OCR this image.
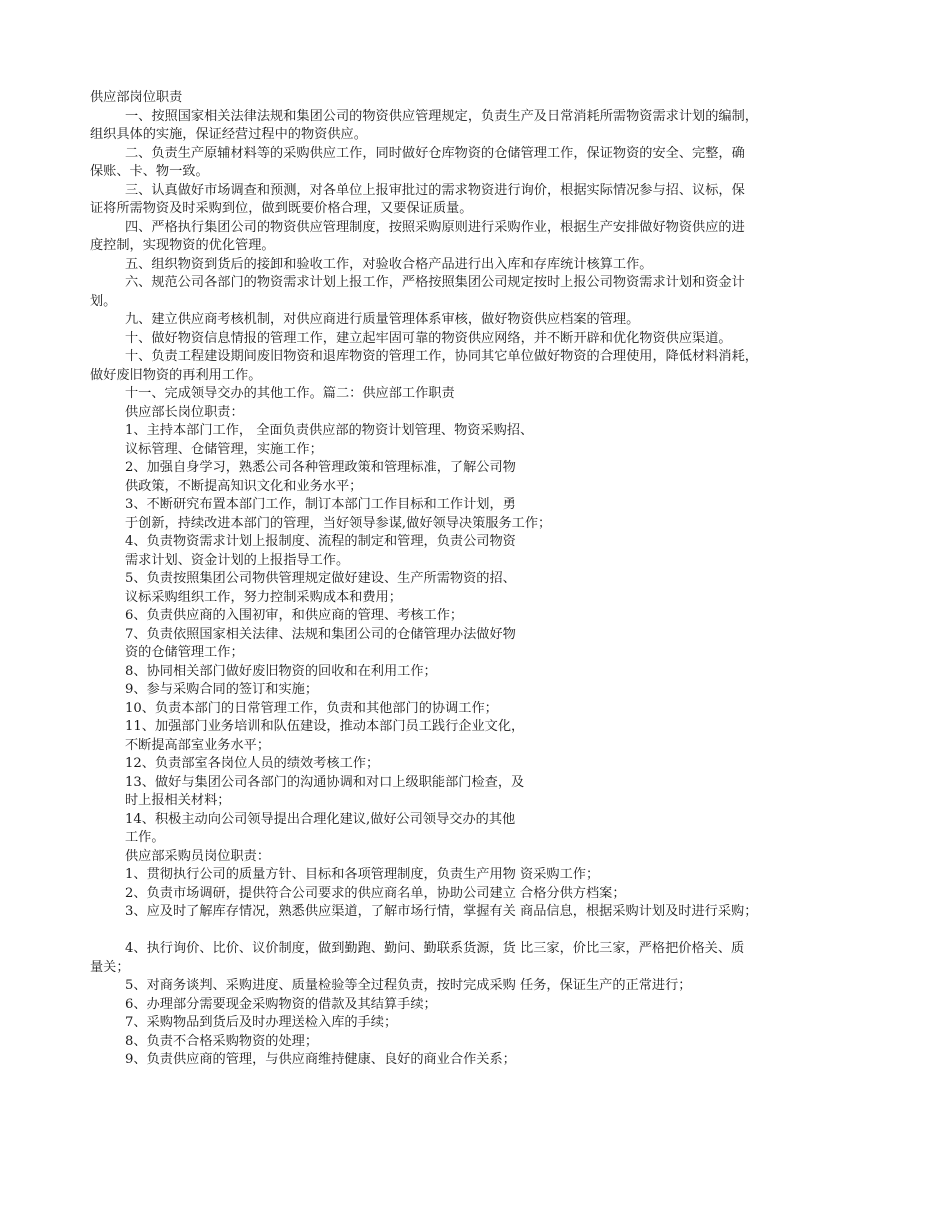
供应部岗位职责
一、按照国家相关法律法规和集团公司的物资供应管理规定，负责生产及日常消耗所需物资需求计划的编制，
组织具体的实施，保证经营过程中的物资供应。
二、负责生产原辅材料等的采购供应工作，同时做好仓库物资的仓储管理工作，保证物资的安全、完整，确
保账、卡、物一致。
三、认真做好市场调查和预测，对各单位上报审批过的需求物资进行询价，根据实际情况参与招、议标，保
证将所需物资及时采购到位，做到既要价格合理，又要保证质量。
四、严格执行集团公司的物资供应管理制度，按照采购原则进行采购作业，根据生产安排做好物资供应的进
度控制，实现物资的优化管理。
五、组织物资到货后的接卸和验收工作，对验收合格产品进行出入库和存库统计核算工作。
六、规范公司各部门的物资需求计划上报工作，严格按照集团公司规定按时上报公司物资需求计划和资金计
划。
九、建立供应商考核机制，对供应商进行质量管理体系审核，做好物资供应档案的管理。
十、做好物资信息情报的管理工作，建立起牢固可靠的物资供应网络，并不断开辟和优化物资供应渠道。
十、负责工程建设期间废旧物资和退库物资的管理工作，协同其它单位做好物资的合理使用，降低材料消耗，
做好废旧物资的再利用工作。
十一、完成领导交办的其他工作。篇二：供应部工作职责
供应部长岗位职责：
1、主持本部门工作， 全面负责供应部的物资计划管理、物资采购招、
议标管理、仓储管理，实施工作；
2、加强自身学习，熟悉公司各种管理政策和管理标准，了解公司物
供政策，不断提高知识文化和业务水平；
3、不断研究布置本部门工作，制订本部门工作目标和工作计划，勇
于创新，持续改进本部门的管理，当好领导参谋,做好领导决策服务工作；
4、负责物资需求计划上报制度、流程的制定和管理，负责公司物资
需求计划、资金计划的上报指导工作。
5、负责按照集团公司物供管理规定做好建设、生产所需物资的招、
议标采购组织工作，努力控制采购成本和费用；
6、负责供应商的入围初审，和供应商的管理、考核工作；
7、负责依照国家相关法律、法规和集团公司的仓储管理办法做好物
资的仓储管理工作；
8、协同相关部门做好废旧物资的回收和在利用工作；
9、参与采购合同的签订和实施；
10、负责本部门的日常管理工作，负责和其他部门的协调工作；
11、加强部门业务培训和队伍建设，推动本部门员工践行企业文化，
不断提高部室业务水平；
12、负责部室各岗位人员的绩效考核工作；
13、做好与集团公司各部门的沟通协调和对口上级职能部门检查，及
时上报相关材料；
14、积极主动向公司领导提出合理化建议,做好公司领导交办的其他
工作。
供应部采购员岗位职责：
1、贯彻执行公司的质量方针、目标和各项管理制度，负责生产用物 资采购工作；
2、负责市场调研，提供符合公司要求的供应商名单，协助公司建立 合格分供方档案；
3、应及时了解库存情况，熟悉供应渠道，了解市场行情，掌握有关 商品信息，根据采购计划及时进行采购；
4、执行询价、比价、议价制度，做到勤跑、勤问、勤联系货源，货 比三家，价比三家，严格把价格关、质
量关；
5、对商务谈判、采购进度、质量检验等全过程负责，按时完成采购 任务，保证生产的正常进行；
6、办理部分需要现金采购物资的借款及其结算手续；
7、采购物品到货后及时办理送检入库的手续；
8、负责不合格采购物资的处理；
9、负责供应商的管理，与供应商维持健康、良好的商业合作关系；
